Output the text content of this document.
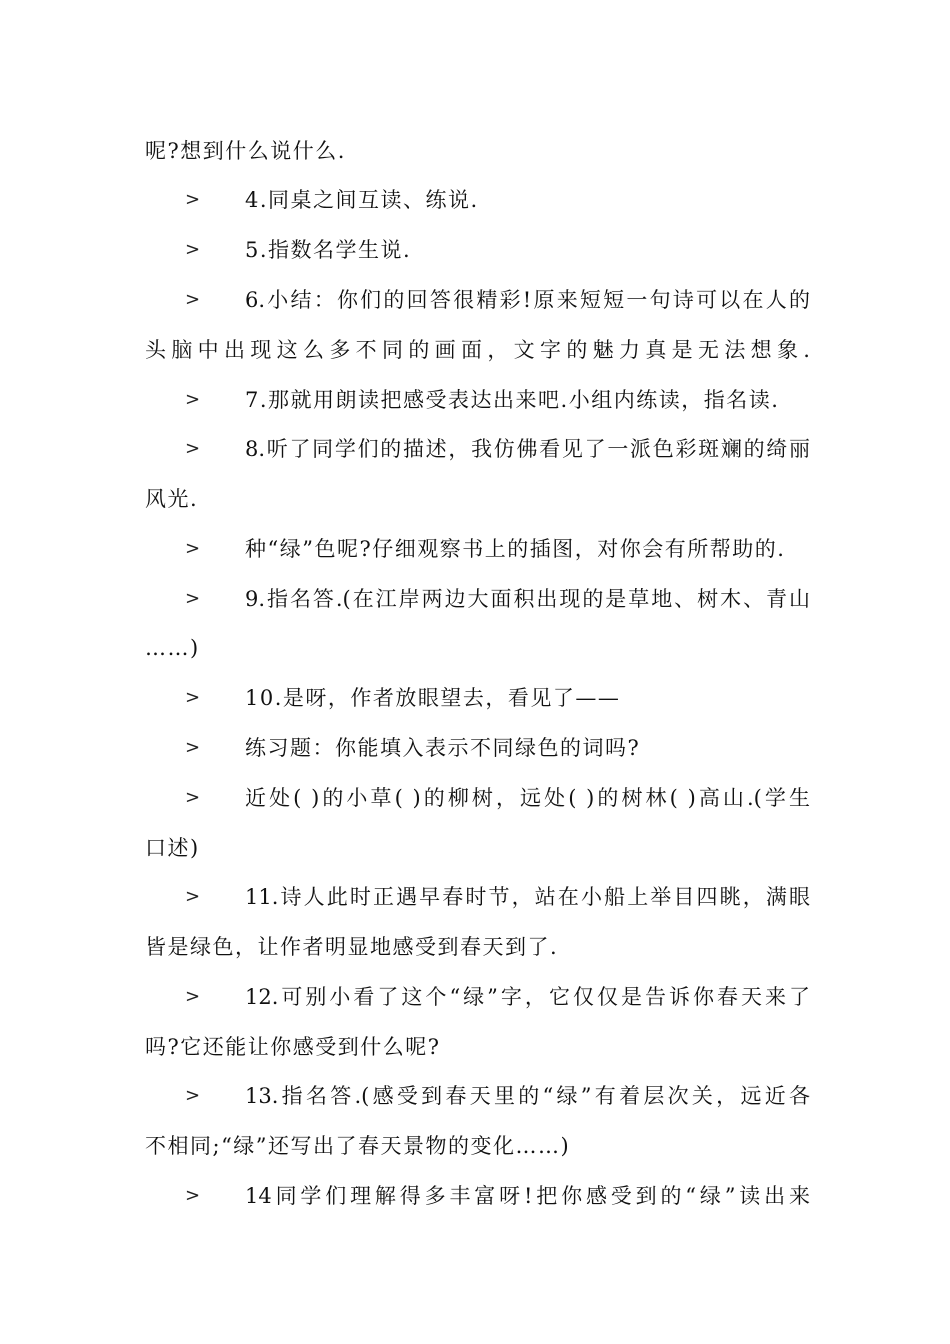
呢?想到什么说什么.
>	4.同桌之间互读、练说.
>	5.指数名学生说.
>	6.小结：你们的回答很精彩!原来短短一句诗可以在人的
头脑中出现这么多不同的画面，文字的魅力真是无法想象.
>	7.那就用朗读把感受表达出来吧.小组内练读，指名读.
>	8.听了同学们的描述，我仿佛看见了一派色彩斑斓的绮丽
风光.
>	种“绿”色呢?仔细观察书上的插图，对你会有所帮助的.
>	9.指名答.(在江岸两边大面积出现的是草地、树木、青山
……)
>	10.是呀，作者放眼望去，看见了——
>	练习题：你能填入表示不同绿色的词吗?
>	近处( )的小草( )的柳树，远处( )的树林( )高山.(学生
口述)
>	11.诗人此时正遇早春时节，站在小船上举目四眺，满眼
皆是绿色，让作者明显地感受到春天到了.
>	12.可别小看了这个“绿”字，它仅仅是告诉你春天来了
吗?它还能让你感受到什么呢?
>	13.指名答.(感受到春天里的“绿”有着层次关，远近各
不相同;“绿”还写出了春天景物的变化……)
>	14同学们理解得多丰富呀!把你感受到的“绿”读出来
